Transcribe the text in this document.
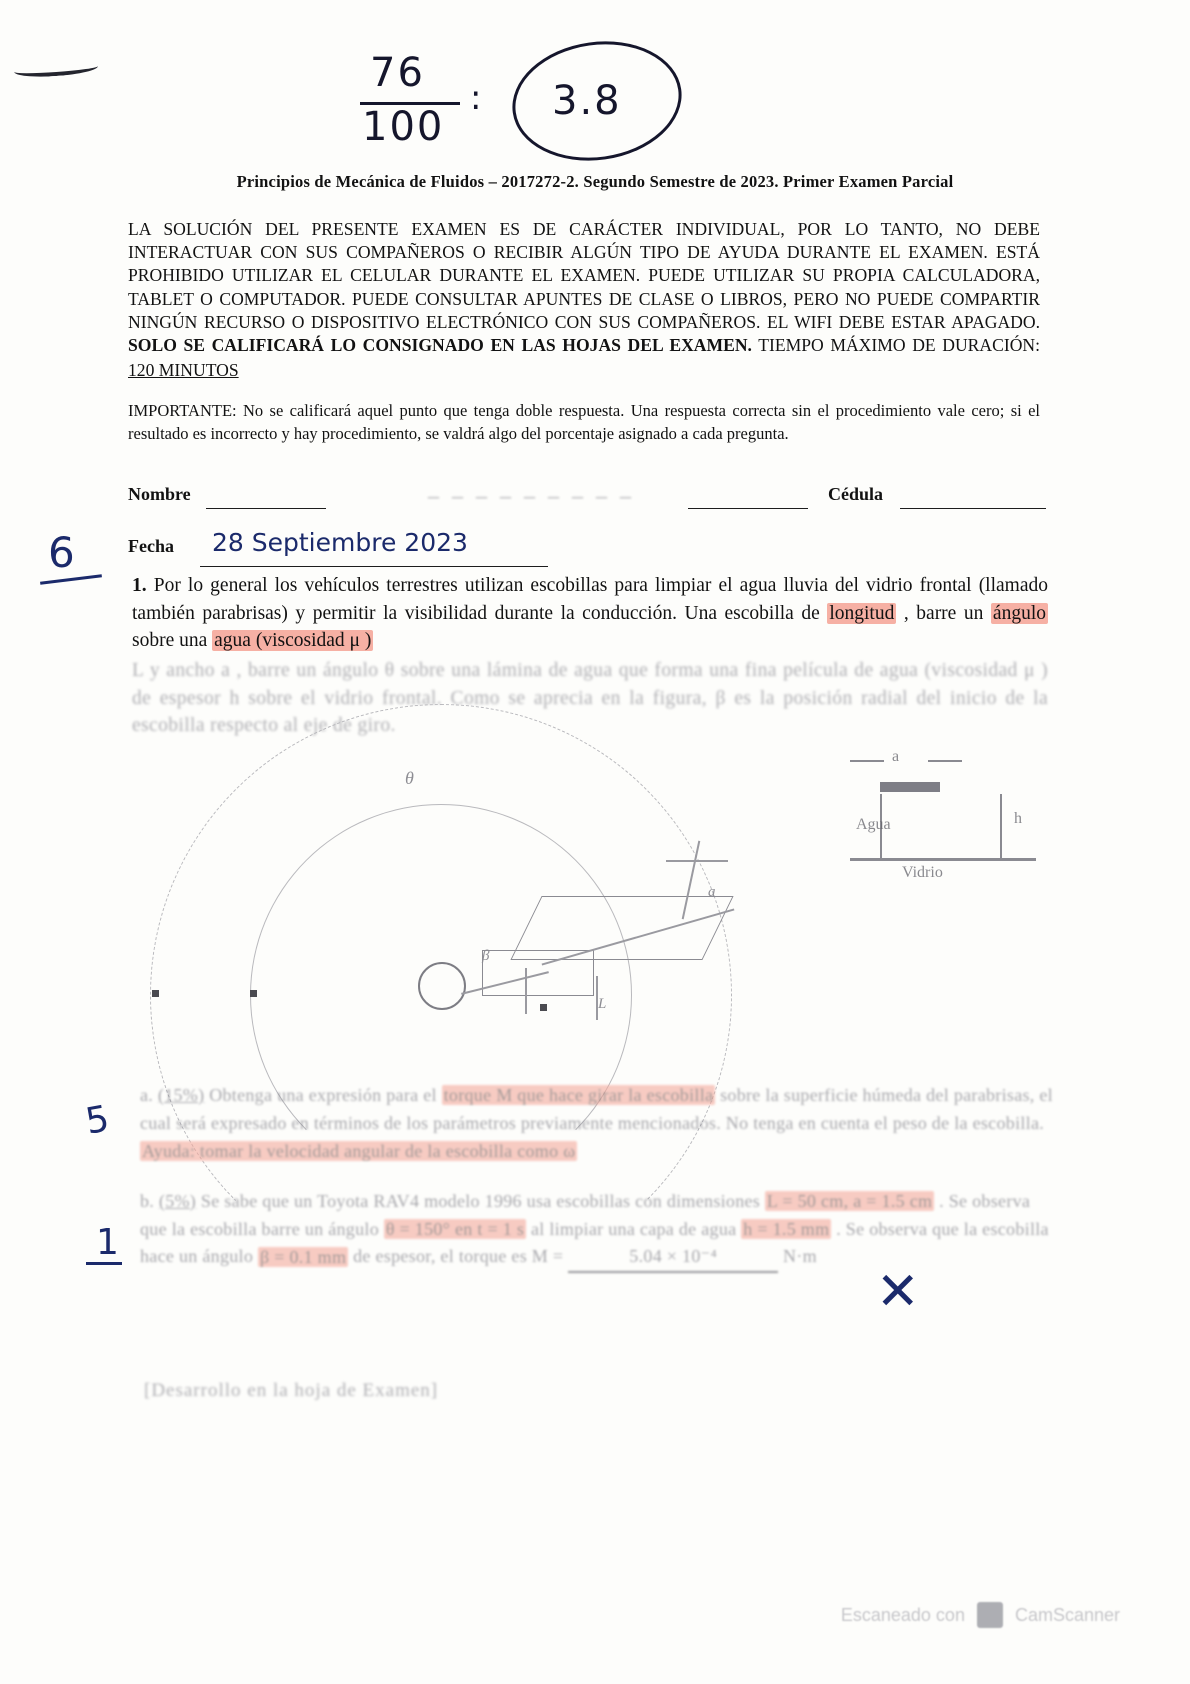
76
100
: 3.8
Principios de Mecánica de Fluidos – 2017272-2. Segundo Semestre de 2023. Primer Examen Parcial
LA SOLUCIÓN DEL PRESENTE EXAMEN ES DE CARÁCTER INDIVIDUAL, POR LO TANTO, NO DEBE INTERACTUAR CON SUS COMPAÑEROS O RECIBIR ALGÚN TIPO DE AYUDA DURANTE EL EXAMEN. ESTÁ PROHIBIDO UTILIZAR EL CELULAR DURANTE EL EXAMEN. PUEDE UTILIZAR SU PROPIA CALCULADORA, TABLET O COMPUTADOR. PUEDE CONSULTAR APUNTES DE CLASE O LIBROS, PERO NO PUEDE COMPARTIR NINGÚN RECURSO O DISPOSITIVO ELECTRÓNICO CON SUS COMPAÑEROS. EL WIFI DEBE ESTAR APAGADO. SOLO SE CALIFICARÁ LO CONSIGNADO EN LAS HOJAS DEL EXAMEN. TIEMPO MÁXIMO DE DURACIÓN: 120 MINUTOS
IMPORTANTE: No se calificará aquel punto que tenga doble respuesta. Una respuesta correcta sin el procedimiento vale cero; si el resultado es incorrecto y hay procedimiento, se valdrá algo del porcentaje asignado a cada pregunta.
Nombre	_ _ _ _ _ _ _ _ _	Cédula
Fecha 28 Septiembre 2023
6
5
1
1. Por lo general los vehículos terrestres utilizan escobillas para limpiar el agua lluvia del vidrio frontal (llamado también parabrisas) y permitir la visibilidad durante la conducción. Una escobilla de longitud , barre un ángulo sobre una agua (viscosidad μ )
L y ancho a , barre un ángulo θ sobre una lámina de agua que forma una fina película de agua (viscosidad μ ) de espesor h sobre el vidrio frontal. Como se aprecia en la figura, β es la posición radial del inicio de la escobilla respecto al eje de giro.
θ
β
L
a
a
Agua	h
Vidrio

a. (15%) Obtenga una expresión para el torque M que hace girar la escobilla sobre la superficie húmeda del parabrisas, el cual será expresado en términos de los parámetros previamente mencionados. No tenga en cuenta el peso de la escobilla. Ayuda: tomar la velocidad angular de la escobilla como ω

b. (5%) Se sabe que un Toyota RAV4 modelo 1996 usa escobillas con dimensiones L = 50 cm, a = 1.5 cm . Se observa que la escobilla barre un ángulo θ = 150° en t = 1 s al limpiar una capa de agua h = 1.5 mm . Se observa que la escobilla hace un ángulo β = 0.1 mm de espesor, el torque es M =	5.04 × 10⁻⁴	N·m

✕
[Desarrollo en la hoja de Examen]
Escaneado con	CamScanner
